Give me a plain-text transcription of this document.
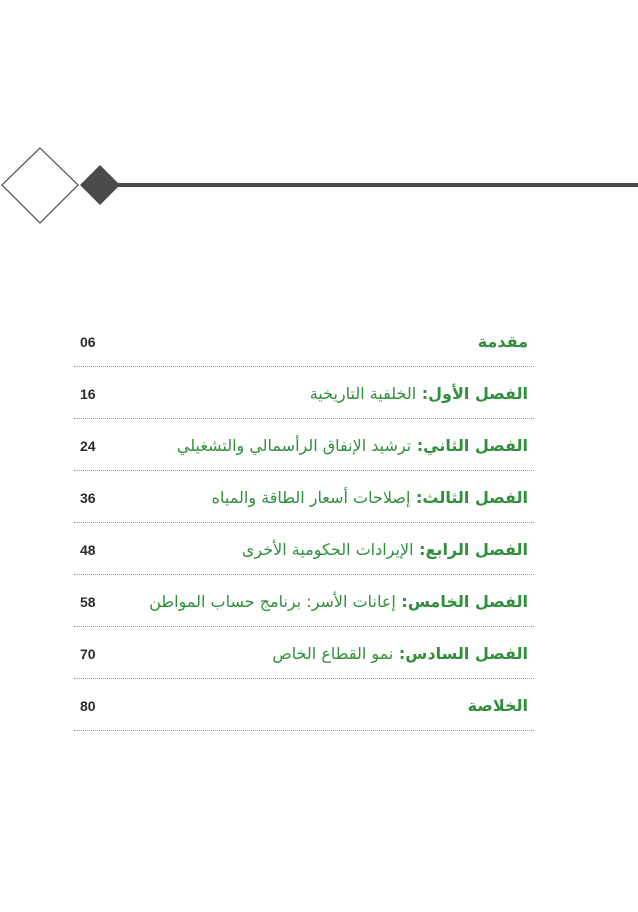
مقدمة
06
الفصل الأول: الخلفية التاريخية
16
الفصل الثاني: ترشيد الإنفاق الرأسمالي والتشغيلي
24
الفصل الثالث: إصلاحات أسعار الطاقة والمياه
36
الفصل الرابع: الإيرادات الحكومية الأخرى
48
الفصل الخامس: إعانات الأسر: برنامج حساب المواطن
58
الفصل السادس: نمو القطاع الخاص
70
الخلاصة
80
